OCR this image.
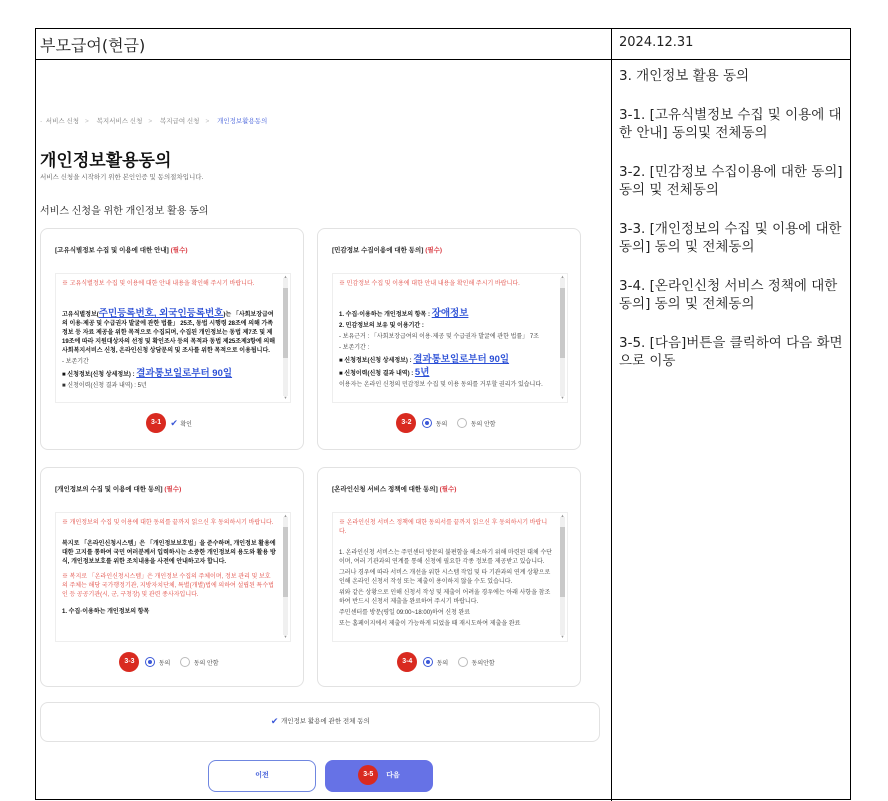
부모급여(현금)	2024.12.31

3. 개인정보 활용 동의

3-1. [고유식별정보 수집 및 이용에 대한 안내] 동의및 전체동의

3-2. [민감정보 수집이용에 대한 동의] 동의 및 전체동의

3-3. [개인정보의 수집 및 이용에 대한 동의] 동의 및 전체동의

3-4. [온라인신청 서비스 정책에 대한동의] 동의 및 전체동의

3-5. [다음]버튼을 클릭하여 다음 화면으로 이동

· 서비스 신청 > 복지서비스 신청 > 복지급여 신청 > 개인정보활용동의
개인정보활용동의
서비스 신청을 시작하기 위한 본인인증 및 동의절차입니다.
서비스 신청을 위한 개인정보 활용 동의
[고유식별정보 수집 및 이용에 대한 안내] (필수)
※ 고유식별정보 수집 및 이용에 대한 안내 내용을 확인해 주시기 바랍니다.
고유식별정보(주민등록번호, 외국인등록번호)는 「사회보장급여의 이용·제공 및 수급권자 발굴에 관한 법률」 25조, 동법 시행령 28조에 의해 가족정보 등 자료 제공을 위한 목적으로 수집되며, 수집된 개인정보는 동법 제7조 및 제19조에 따라 지원대상자의 선정 및 확인조사 등의 목적과 동법 제25조제3항에 의해 사회복지서비스 신청, 온라인신청 상담문의 및 조사를 위한 목적으로 이용됩니다.
- 보존기간
■ 신청정보(신청 상세정보) : 결과통보일로부터 90일
■ 신청이력(신청 결과 내역) : 5년
▲
▼
3-1 ✔ 확인
[민감정보 수집이용에 대한 동의] (필수)
※ 민감정보 수집 및 이용에 대한 안내 내용을 확인해 주시기 바랍니다.
1. 수집·이용하는 개인정보의 항목 : 장애정보
2. 민감정보의 보유 및 이용기간 :
- 보유근거 : 「사회보장급여의 이용·제공 및 수급권자 발굴에 관한 법률」 7조
- 보존기간 :
■ 신청정보(신청 상세정보) : 결과통보일로부터 90일
■ 신청이력(신청 결과 내역) : 5년
이용자는 온라인 신청의 민감정보 수집 및 이용 동의를 거부할 권리가 있습니다.
▲
▼
3-2	동의	동의 안함
[개인정보의 수집 및 이용에 대한 동의] (필수)
※ 개인정보의 수집 및 이용에 대한 동의를 끝까지 읽으신 후 동의하시기 바랍니다.
복지로 「온라인신청시스템」은 「개인정보보호법」을 준수하며, 개인정보 활용에 대한 고지를 통하여 국민 여러분께서 입력하시는 소중한 개인정보의 용도와 활용 방식, 개인정보보호를 위한 조치내용을 사전에 안내하고자 합니다.
※ 복지로 「온라인신청시스템」은 개인정보 수집의 주체이며, 정보 관리 및 보호의 주체는 해당 국가행정기관, 지방자치단체, 특별(개별)법에 의하여 설립된 특수법인 등 공공기관(시, 군, 구청장) 및 관련 종사자입니다.
1. 수집·이용하는 개인정보의 항목
▲
▼
3-3	동의	동의 안함
[온라인신청 서비스 정책에 대한 동의] (필수)
※ 온라인신청 서비스 정책에 대한 동의서를 끝까지 읽으신 후 동의하시기 바랍니다.
1. 온라인신청 서비스는 주민센터 방문의 불편함을 해소하기 위해 마련된 대체 수단이며, 여러 기관과의 연계를 통해 신청에 필요한 각종 정보를 제공받고 있습니다.
그러나 경우에 따라 서비스 개선을 위한 시스템 작업 및 타 기관과의 연계 상황으로 인해 온라인 신청서 작성 또는 제출이 용이하지 않을 수도 있습니다.
위와 같은 상황으로 인해 신청서 작성 및 제출이 어려울 경우에는 아래 사항을 참조하여 반드시 신청서 제출을 완료하여 주시기 바랍니다.
주민센터를 방문(평일 09:00~18:00)하여 신청 완료
또는 홈페이지에서 제출이 가능하게 되었을 때 재시도하여 제출을 완료
▲
▼
3-4	동의	동의안함
✔ 개인정보 활용에 관한 전체 동의
이전	3-5 다음
